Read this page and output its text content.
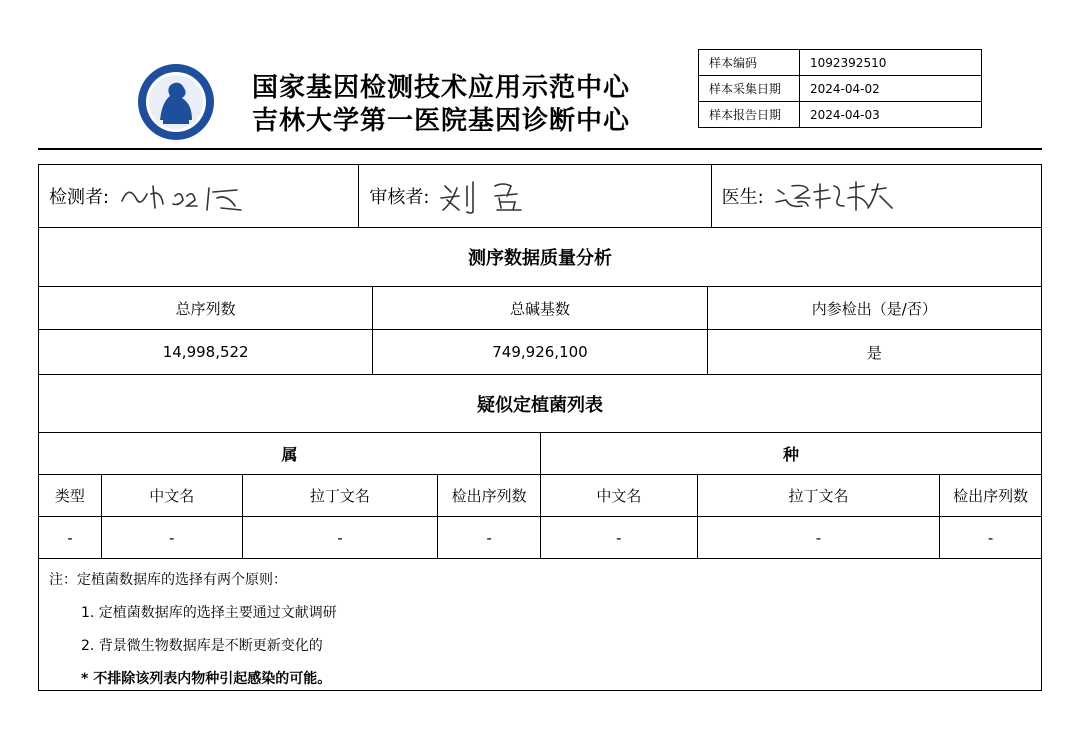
国家基因检测技术应用示范中心
吉林大学第一医院基因诊断中心
样本编码	1092392510
样本采集日期	2024-04-02
样本报告日期	2024-04-03
检测者:	审核者:	医生:
测序数据质量分析
总序列数	总碱基数	内参检出（是/否）
14,998,522	749,926,100	是
疑似定植菌列表
属	种
类型	中文名	拉丁文名	检出序列数	中文名	拉丁文名	检出序列数
-	-	-	-	-	-	-
注：定植菌数据库的选择有两个原则：
1. 定植菌数据库的选择主要通过文献调研
2. 背景微生物数据库是不断更新变化的
* 不排除该列表内物种引起感染的可能。
